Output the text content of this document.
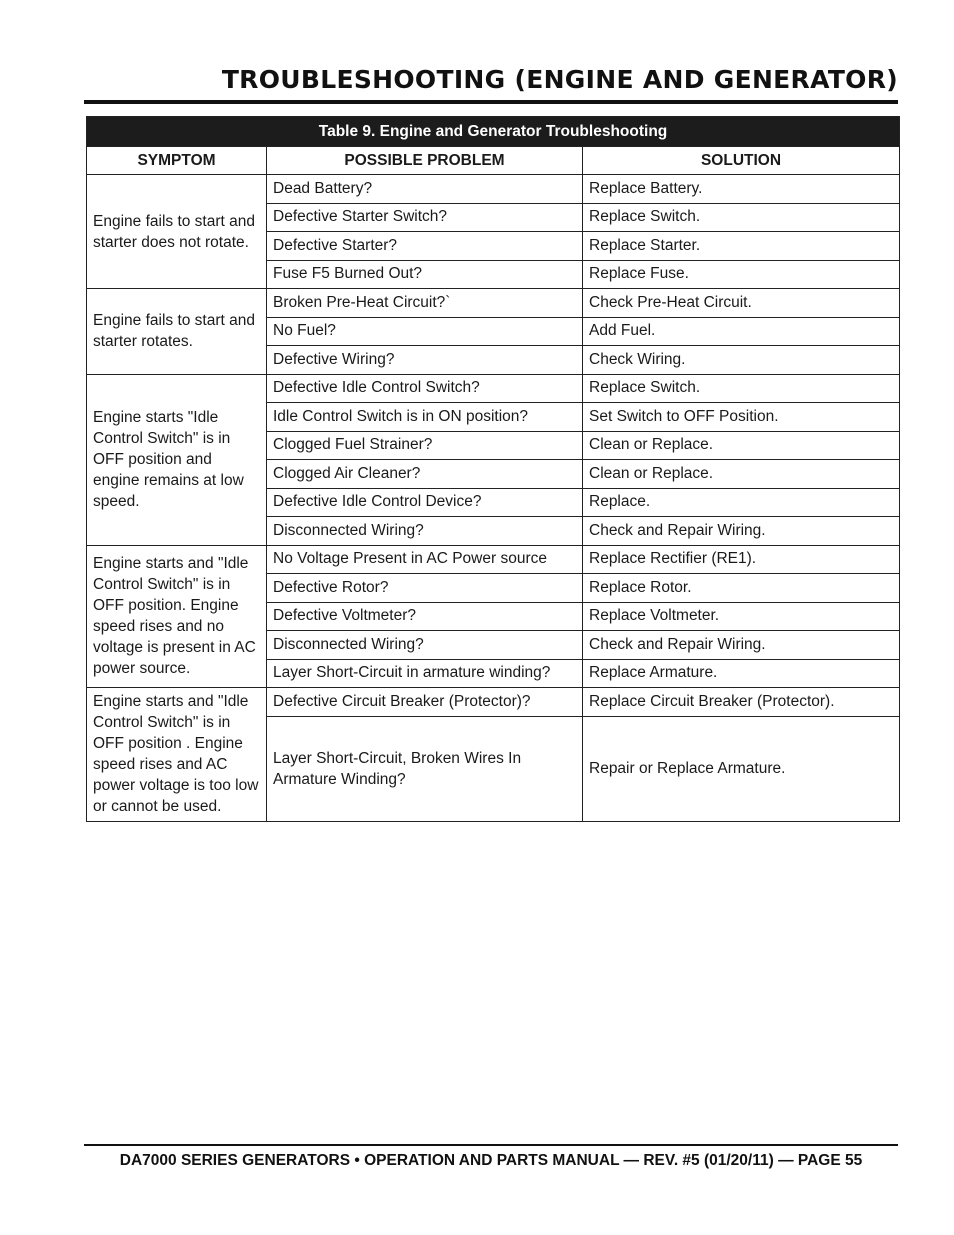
TROUBLESHOOTING (ENGINE AND GENERATOR)
Table 9. Engine and Generator Troubleshooting		
SYMPTOM	POSSIBLE PROBLEM	SOLUTION
Engine fails to start and starter does not rotate.	Dead Battery?	Replace Battery.
	Defective Starter Switch?	Replace Switch.
	Defective Starter?	Replace Starter.
	Fuse F5 Burned Out?	Replace Fuse.
Engine fails to start and starter rotates.	Broken Pre-Heat Circuit?`	Check Pre-Heat Circuit.
	No Fuel?	Add Fuel.
	Defective Wiring?	Check Wiring.
Engine starts "Idle Control Switch" is in OFF position and engine remains at low speed.	Defective Idle Control Switch?	Replace Switch.
	Idle Control Switch is in ON position?	Set Switch to OFF Position.
	Clogged Fuel Strainer?	Clean or Replace.
	Clogged Air Cleaner?	Clean or Replace.
	Defective Idle Control Device?	Replace.
	Disconnected Wiring?	Check and Repair Wiring.
Engine starts and "Idle Control Switch" is in OFF position. Engine speed rises and no voltage is present in AC power source.	No Voltage Present in AC Power source	Replace Rectifier (RE1).
	Defective Rotor?	Replace Rotor.
	Defective Voltmeter?	Replace Voltmeter.
	Disconnected Wiring?	Check and Repair Wiring.
	Layer Short-Circuit in armature winding?	Replace Armature.
Engine starts and "Idle Control Switch" is in OFF position . Engine speed rises and AC power voltage is too low or cannot be used.	Defective Circuit Breaker (Protector)?	Replace Circuit Breaker (Protector).
	Layer Short-Circuit, Broken Wires In Armature Winding?	Repair or Replace Armature.
DA7000 SERIES GENERATORS • OPERATION AND PARTS MANUAL — REV. #5 (01/20/11) — PAGE 55
